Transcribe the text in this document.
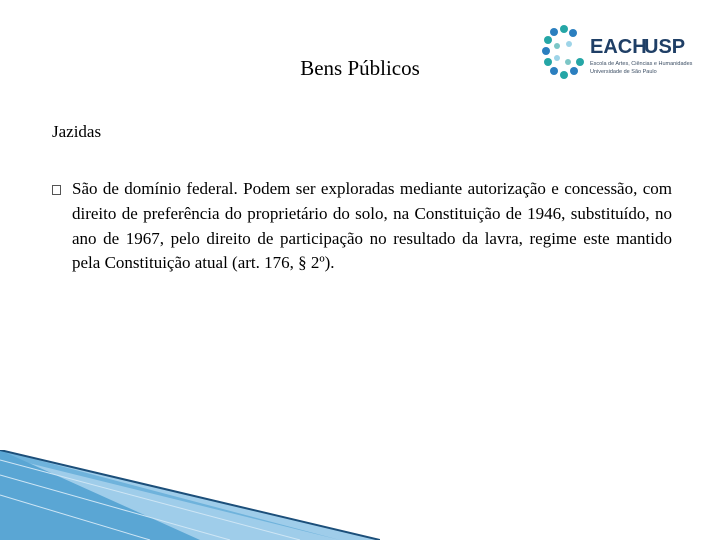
Bens Públicos
EACH
USP
Escola de Artes, Ciências e Humanidades
Universidade de São Paulo
Jazidas

São de domínio federal. Podem ser exploradas mediante autorização e concessão, com direito de preferência do proprietário do solo, na Constituição de 1946, substituído, no ano de 1967, pelo direito de participação no resultado da lavra, regime este mantido pela Constituição atual (art. 176, § 2º).
